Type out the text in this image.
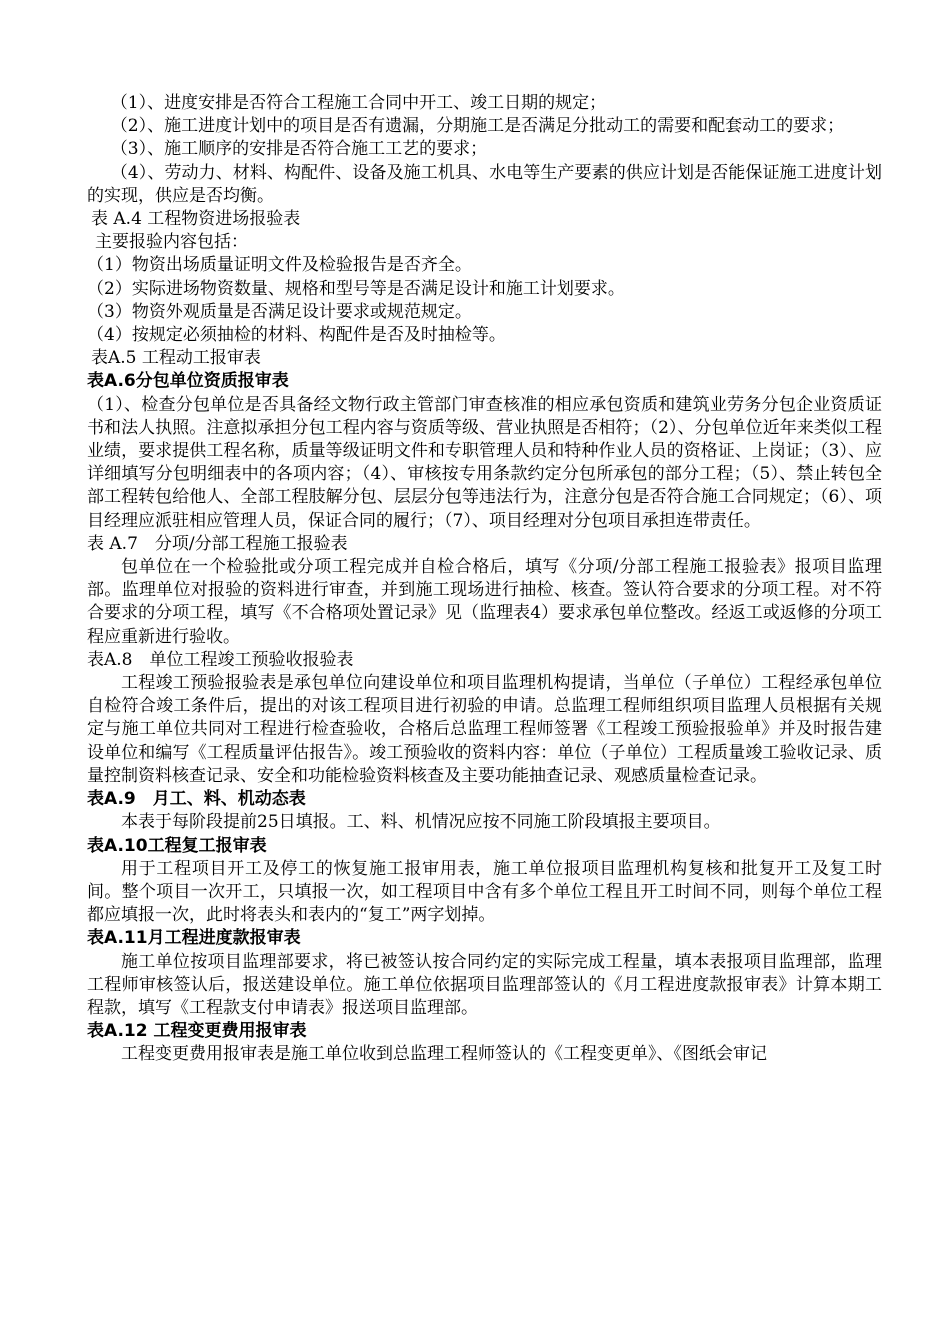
（1）、进度安排是否符合工程施工合同中开工、竣工日期的规定；

（2）、施工进度计划中的项目是否有遗漏，分期施工是否满足分批动工的需要和配套动工的要求；

（3）、施工顺序的安排是否符合施工工艺的要求；

（4）、劳动力、材料、构配件、设备及施工机具、水电等生产要素的供应计划是否能保证施工进度计划的实现，供应是否均衡。

表 A.4 工程物资进场报验表

主要报验内容包括：

（1）物资出场质量证明文件及检验报告是否齐全。

（2）实际进场物资数量、规格和型号等是否满足设计和施工计划要求。

（3）物资外观质量是否满足设计要求或规范规定。

（4）按规定必须抽检的材料、构配件是否及时抽检等。

表A.5 工程动工报审表

表A.6分包单位资质报审表

（1）、检查分包单位是否具备经文物行政主管部门审查核准的相应承包资质和建筑业劳务分包企业资质证书和法人执照。注意拟承担分包工程内容与资质等级、营业执照是否相符；（2）、分包单位近年来类似工程业绩，要求提供工程名称，质量等级证明文件和专职管理人员和特种作业人员的资格证、上岗证；（3）、应详细填写分包明细表中的各项内容；（4）、审核按专用条款约定分包所承包的部分工程；（5）、禁止转包全部工程转包给他人、全部工程肢解分包、层层分包等违法行为，注意分包是否符合施工合同规定；（6）、项目经理应派驻相应管理人员，保证合同的履行；（7）、项目经理对分包项目承担连带责任。

表 A.7　分项/分部工程施工报验表

包单位在一个检验批或分项工程完成并自检合格后，填写《分项/分部工程施工报验表》报项目监理部。监理单位对报验的资料进行审查，并到施工现场进行抽检、核查。签认符合要求的分项工程。对不符合要求的分项工程，填写《不合格项处置记录》见（监理表4）要求承包单位整改。经返工或返修的分项工程应重新进行验收。

表A.8　单位工程竣工预验收报验表

工程竣工预验报验表是承包单位向建设单位和项目监理机构提请，当单位（子单位）工程经承包单位自检符合竣工条件后，提出的对该工程项目进行初验的申请。总监理工程师组织项目监理人员根据有关规定与施工单位共同对工程进行检查验收，合格后总监理工程师签署《工程竣工预验报验单》并及时报告建设单位和编写《工程质量评估报告》。竣工预验收的资料内容：单位（子单位）工程质量竣工验收记录、质量控制资料核查记录、安全和功能检验资料核查及主要功能抽查记录、观感质量检查记录。

表A.9　月工、料、机动态表

本表于每阶段提前25日填报。工、料、机情况应按不同施工阶段填报主要项目。

表A.10工程复工报审表

用于工程项目开工及停工的恢复施工报审用表，施工单位报项目监理机构复核和批复开工及复工时间。整个项目一次开工，只填报一次，如工程项目中含有多个单位工程且开工时间不同，则每个单位工程都应填报一次，此时将表头和表内的“复工”两字划掉。

表A.11月工程进度款报审表

施工单位按项目监理部要求，将已被签认按合同约定的实际完成工程量，填本表报项目监理部，监理工程师审核签认后，报送建设单位。施工单位依据项目监理部签认的《月工程进度款报审表》计算本期工程款，填写《工程款支付申请表》报送项目监理部。

表A.12 工程变更费用报审表

工程变更费用报审表是施工单位收到总监理工程师签认的《工程变更单》、《图纸会审记
